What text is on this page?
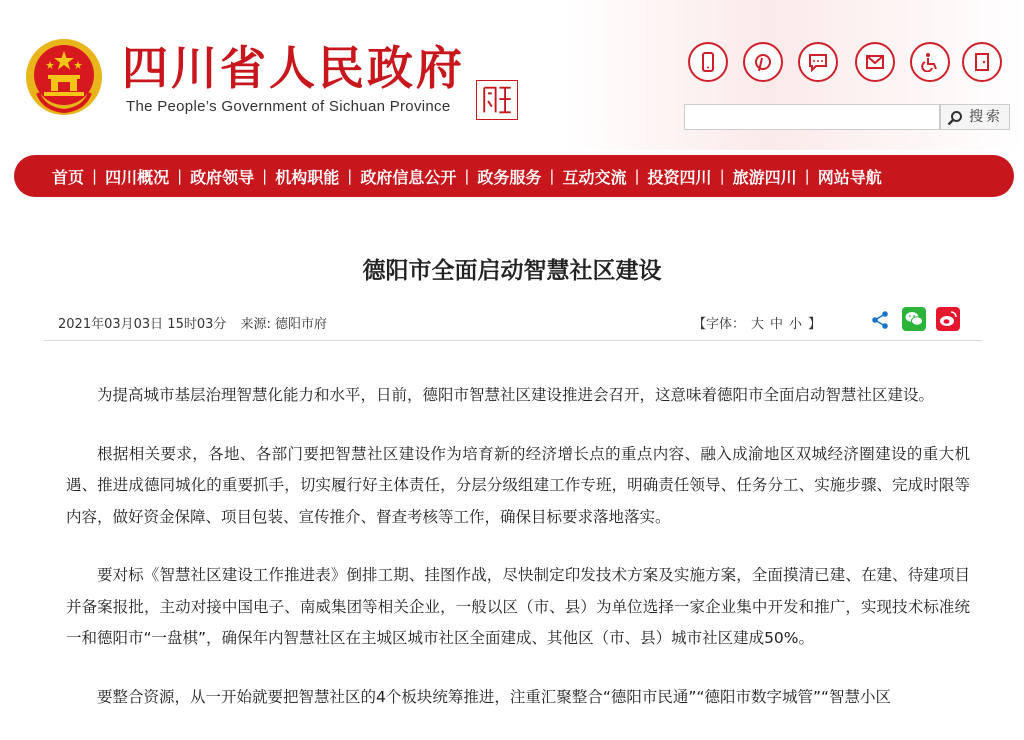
四川省人民政府
The People’s Government of Sichuan Province
搜索
首页 | 四川概况 | 政府领导 | 机构职能 | 政府信息公开 | 政务服务 | 互动交流 | 投资四川 | 旅游四川 | 网站导航
德阳市全面启动智慧社区建设
2021年03月03日 15时03分 来源: 德阳市府	【字体： 大 中 小 】

为提高城市基层治理智慧化能力和水平，日前，德阳市智慧社区建设推进会召开，这意味着德阳市全面启动智慧社区建设。

根据相关要求，各地、各部门要把智慧社区建设作为培育新的经济增长点的重点内容、融入成渝地区双城经济圈建设的重大机遇、推进成德同城化的重要抓手，切实履行好主体责任，分层分级组建工作专班，明确责任领导、任务分工、实施步骤、完成时限等内容，做好资金保障、项目包装、宣传推介、督查考核等工作，确保目标要求落地落实。

要对标《智慧社区建设工作推进表》倒排工期、挂图作战，尽快制定印发技术方案及实施方案，全面摸清已建、在建、待建项目并备案报批，主动对接中国电子、南威集团等相关企业，一般以区（市、县）为单位选择一家企业集中开发和推广，实现技术标准统一和德阳市“一盘棋”，确保年内智慧社区在主城区城市社区全面建成、其他区（市、县）城市社区建成50%。

要整合资源，从一开始就要把智慧社区的4个板块统筹推进，注重汇聚整合“德阳市民通”“德阳市数字城管”“智慧小区
